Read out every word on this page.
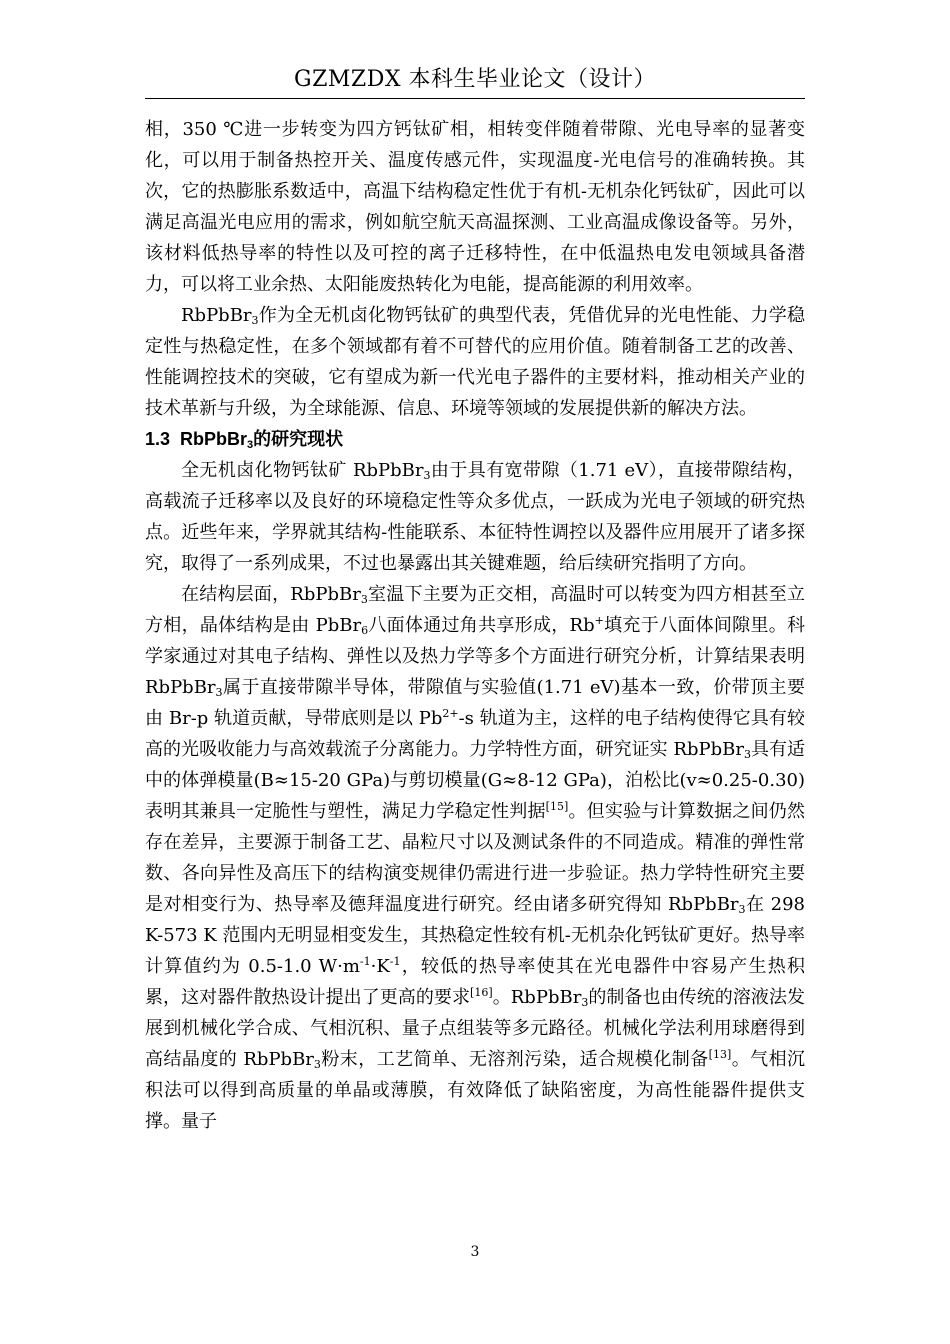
GZMZDX 本科生毕业论文（设计）

相，350 ℃进一步转变为四方钙钛矿相，相转变伴随着带隙、光电导率的显著变化，可以用于制备热控开关、温度传感元件，实现温度-光电信号的准确转换。其次，它的热膨胀系数适中，高温下结构稳定性优于有机-无机杂化钙钛矿，因此可以满足高温光电应用的需求，例如航空航天高温探测、工业高温成像设备等。另外，该材料低热导率的特性以及可控的离子迁移特性，在中低温热电发电领域具备潜力，可以将工业余热、太阳能废热转化为电能，提高能源的利用效率。

RbPbBr$_3$作为全无机卤化物钙钛矿的典型代表，凭借优异的光电性能、力学稳定性与热稳定性，在多个领域都有着不可替代的应用价值。随着制备工艺的改善、性能调控技术的突破，它有望成为新一代光电子器件的主要材料，推动相关产业的技术革新与升级，为全球能源、信息、环境等领域的发展提供新的解决方法。

1.3 RbPbBr$_3$的研究现状

全无机卤化物钙钛矿 RbPbBr$_3$由于具有宽带隙（1.71 eV），直接带隙结构，高载流子迁移率以及良好的环境稳定性等众多优点，一跃成为光电子领域的研究热点。近些年来，学界就其结构-性能联系、本征特性调控以及器件应用展开了诸多探究，取得了一系列成果，不过也暴露出其关键难题，给后续研究指明了方向。

在结构层面，RbPbBr$_3$室温下主要为正交相，高温时可以转变为四方相甚至立方相，晶体结构是由 PbBr$_6$八面体通过角共享形成，Rb+填充于八面体间隙里。科学家通过对其电子结构、弹性以及热力学等多个方面进行研究分析，计算结果表明 RbPbBr$_3$属于直接带隙半导体，带隙值与实验值(1.71 eV)基本一致，价带顶主要由 Br-p 轨道贡献，导带底则是以 $Pb^{2+}-s$ 轨道为主，这样的电子结构使得它具有较高的光吸收能力与高效载流子分离能力。力学特性方面，研究证实 RbPbBr$_3$具有适中的体弹模量(B≈15-20 GPa)与剪切模量(G≈8-12 GPa)，泊松比(v≈0.25-0.30)表明其兼具一定脆性与塑性，满足力学稳定性判据[15]。但实验与计算数据之间仍然存在差异，主要源于制备工艺、晶粒尺寸以及测试条件的不同造成。精准的弹性常数、各向异性及高压下的结构演变规律仍需进行进一步验证。热力学特性研究主要是对相变行为、热导率及德拜温度进行研究。经由诸多研究得知 RbPbBr$_3$在 298 K-573 K 范围内无明显相变发生，其热稳定性较有机-无机杂化钙钛矿更好。热导率计算值约为 0.5-1.0 $W\cdot m^{-1}\cdot K^{-1}$，较低的热导率使其在光电器件中容易产生热积累，这对器件散热设计提出了更高的要求[16]。RbPbBr$_3$的制备也由传统的溶液法发展到机械化学合成、气相沉积、量子点组装等多元路径。机械化学法利用球磨得到高结晶度的 RbPbBr$_3$粉末，工艺简单、无溶剂污染，适合规模化制备[13]。气相沉积法可以得到高质量的单晶或薄膜，有效降低了缺陷密度，为高性能器件提供支撑。量子

3
